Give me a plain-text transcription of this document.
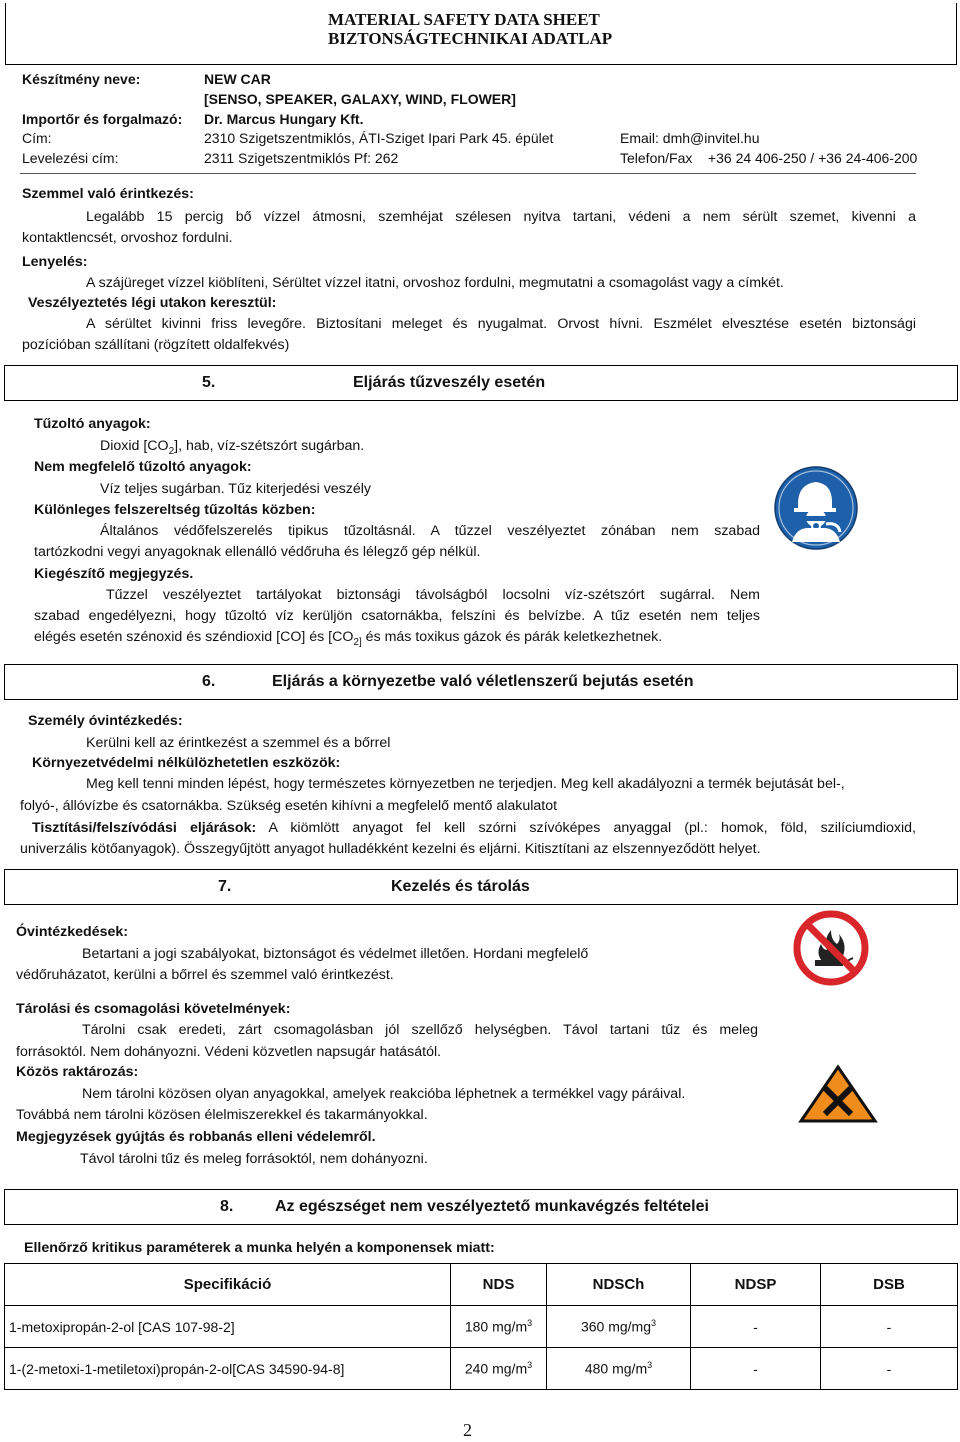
MATERIAL SAFETY DATA SHEET
BIZTONSÁGTECHNIKAI ADATLAP
Készítmény neve:	NEW CAR
[SENSO, SPEAKER, GALAXY, WIND, FLOWER]
Importőr és forgalmazó: Dr. Marcus Hungary Kft.
Cím:	2310 Szigetszentmiklós, ÁTI-Sziget Ipari Park 45. épület	Email: dmh@invitel.hu
Levelezési cím:	2311 Szigetszentmiklós Pf: 262	Telefon/Fax    +36 24 406-250 / +36 24-406-200
Szemmel való érintkezés:
Legalább 15 percig bő vízzel átmosni, szemhéjat szélesen nyitva tartani, védeni a nem sérült szemet, kivenni a
kontaktlencsét, orvoshoz fordulni.
Lenyelés:
A szájüreget vízzel kiöblíteni, Sérültet vízzel itatni, orvoshoz fordulni, megmutatni a csomagolást vagy a címkét.
Veszélyeztetés légi utakon keresztül:
A sérültet kivinni friss levegőre. Biztosítani meleget és nyugalmat. Orvost hívni. Eszmélet elvesztése esetén biztonsági
pozícióban szállítani (rögzített oldalfekvés)
5.	Eljárás tűzveszély esetén
Tűzoltó anyagok:
Dioxid $[CO_2]$, hab, víz-szétszórt sugárban.
Nem megfelelő tűzoltó anyagok:
Víz teljes sugárban. Tűz kiterjedési veszély
Különleges felszereltség tűzoltás közben:
Általános védőfelszerelés tipikus tűzoltásnál. A tűzzel veszélyeztet zónában nem szabad
tartózkodni vegyi anyagoknak ellenálló védőruha és lélegző gép nélkül.
Kiegészítő megjegyzés.
Tűzzel veszélyeztet tartályokat biztonsági távolságból locsolni víz-szétszórt sugárral. Nem
szabad engedélyezni, hogy tűzoltó víz kerüljön csatornákba, felszíni és belvízbe. A tűz esetén nem teljes
elégés esetén szénoxid és széndioxid [CO] és [$CO_{2]}$ és más toxikus gázok és párák keletkezhetnek.
6.	Eljárás a környezetbe való véletlenszerű bejutás esetén
Személy óvintézkedés:
Kerülni kell az érintkezést a szemmel és a bőrrel
Környezetvédelmi nélkülözhetetlen eszközök:
Meg kell tenni minden lépést, hogy természetes környezetben ne terjedjen. Meg kell akadályozni a termék bejutását bel-,
folyó-, állóvízbe és csatornákba. Szükség esetén kihívni a megfelelő mentő alakulatot
Tisztítási/felszívódási eljárások: A kiömlött anyagot fel kell szórni szívóképes anyaggal (pl.: homok, föld, szilíciumdioxid,
univerzális kötőanyagok). Összegyűjtött anyagot hulladékként kezelni és eljárni. Kitisztítani az elszennyeződött helyet.
7.	Kezelés és tárolás
Óvintézkedések:
Betartani a jogi szabályokat, biztonságot és védelmet illetően. Hordani megfelelő
védőruházatot, kerülni a bőrrel és szemmel való érintkezést.
Tárolási és csomagolási követelmények:
Tárolni csak eredeti, zárt csomagolásban jól szellőző helységben. Távol tartani tűz és meleg
forrásoktól. Nem dohányozni. Védeni közvetlen napsugár hatásától.
Közös raktározás:
Nem tárolni közösen olyan anyagokkal, amelyek reakcióba léphetnek a termékkel vagy páráival.
Továbbá nem tárolni közösen élelmiszerekkel és takarmányokkal.
Megjegyzések gyújtás és robbanás elleni védelemről.
Távol tárolni tűz és meleg forrásoktól, nem dohányozni.
8.	Az egészséget nem veszélyeztető munkavégzés feltételei
Ellenőrző kritikus paraméterek a munka helyén a komponensek miatt:
Specifikáció	NDS	NDSCh	NDSP	DSB
1-metoxipropán-2-ol [CAS 107-98-2]	180 $mg/m^3$	360 $mg/mg^3$	-	-
1-(2-metoxi-1-metiletoxi)propán-2-ol[CAS 34590-94-8]	240 $mg/m^3$	480 $mg/m^3$	-	-
2
